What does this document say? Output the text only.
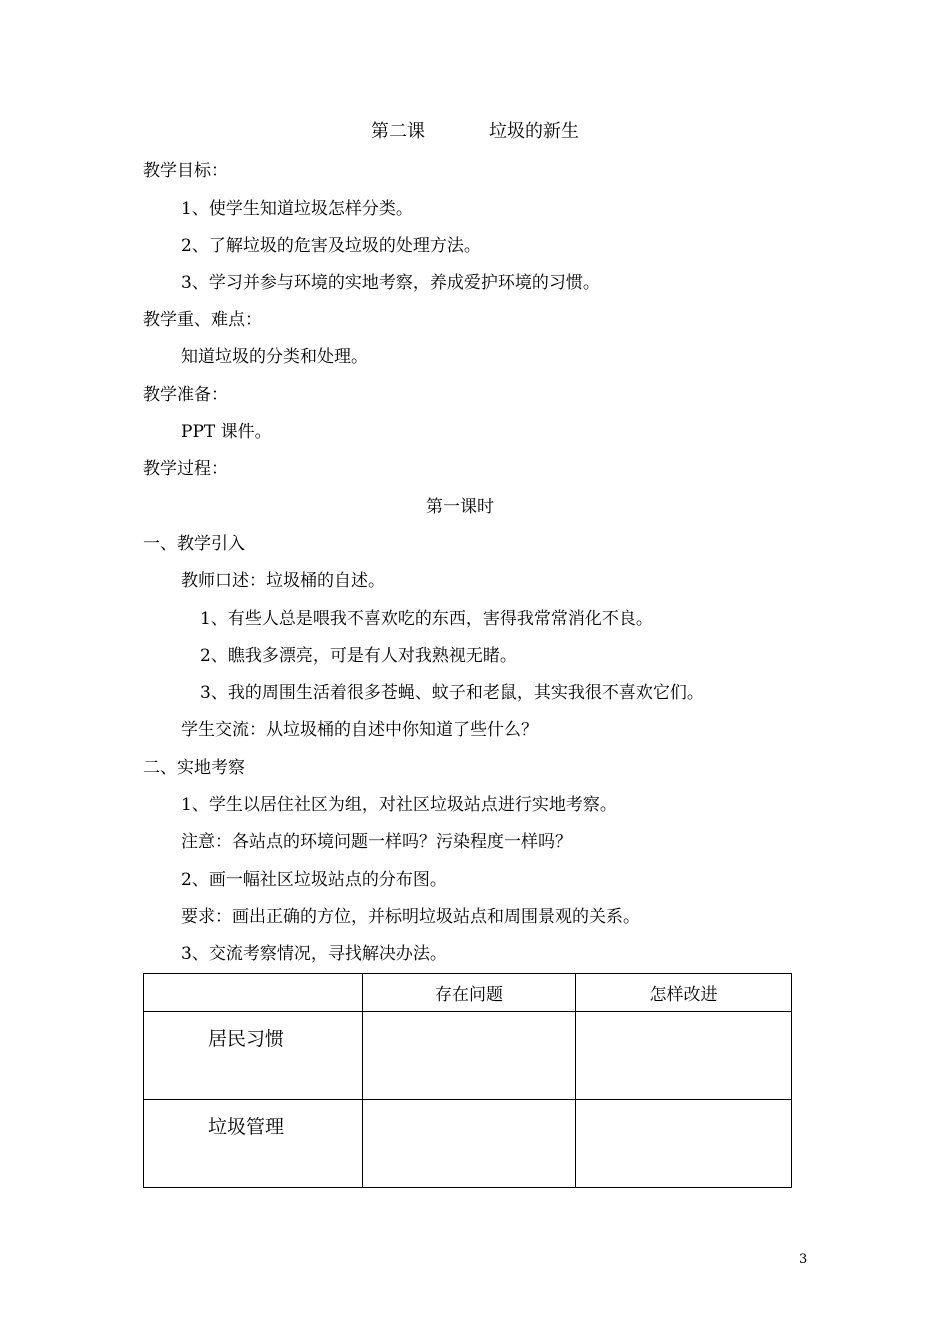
第二课	垃圾的新生
教学目标：
1、使学生知道垃圾怎样分类。
2、了解垃圾的危害及垃圾的处理方法。
3、学习并参与环境的实地考察，养成爱护环境的习惯。
教学重、难点：
知道垃圾的分类和处理。
教学准备：
PPT 课件。
教学过程：
第一课时
一、教学引入
教师口述：垃圾桶的自述。
1、有些人总是喂我不喜欢吃的东西，害得我常常消化不良。
2、瞧我多漂亮，可是有人对我熟视无睹。
3、我的周围生活着很多苍蝇、蚊子和老鼠，其实我很不喜欢它们。
学生交流：从垃圾桶的自述中你知道了些什么？
二、实地考察
1、学生以居住社区为组，对社区垃圾站点进行实地考察。
注意：各站点的环境问题一样吗？污染程度一样吗？
2、画一幅社区垃圾站点的分布图。
要求：画出正确的方位，并标明垃圾站点和周围景观的关系。
3、交流考察情况，寻找解决办法。
	存在问题	怎样改进
居民习惯		
垃圾管理		
3
